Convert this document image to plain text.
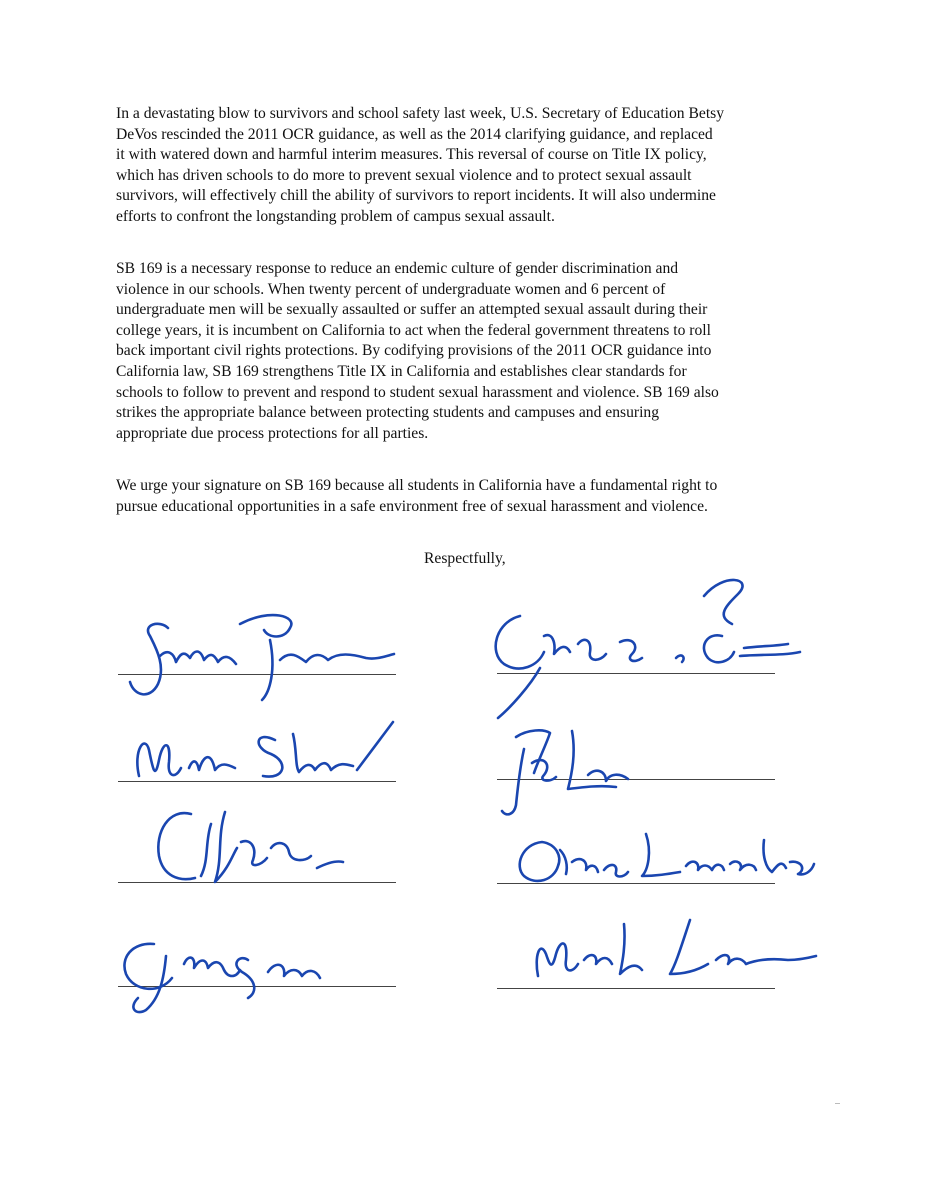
In a devastating blow to survivors and school safety last week, U.S. Secretary of Education Betsy
DeVos rescinded the 2011 OCR guidance, as well as the 2014 clarifying guidance, and replaced
it with watered down and harmful interim measures. This reversal of course on Title IX policy,
which has driven schools to do more to prevent sexual violence and to protect sexual assault
survivors, will effectively chill the ability of survivors to report incidents. It will also undermine
efforts to confront the longstanding problem of campus sexual assault.

SB 169 is a necessary response to reduce an endemic culture of gender discrimination and
violence in our schools. When twenty percent of undergraduate women and 6 percent of
undergraduate men will be sexually assaulted or suffer an attempted sexual assault during their
college years, it is incumbent on California to act when the federal government threatens to roll
back important civil rights protections. By codifying provisions of the 2011 OCR guidance into
California law, SB 169 strengthens Title IX in California and establishes clear standards for
schools to follow to prevent and respond to student sexual harassment and violence. SB 169 also
strikes the appropriate balance between protecting students and campuses and ensuring
appropriate due process protections for all parties.

We urge your signature on SB 169 because all students in California have a fundamental right to
pursue educational opportunities in a safe environment free of sexual harassment and violence.

Respectfully,
